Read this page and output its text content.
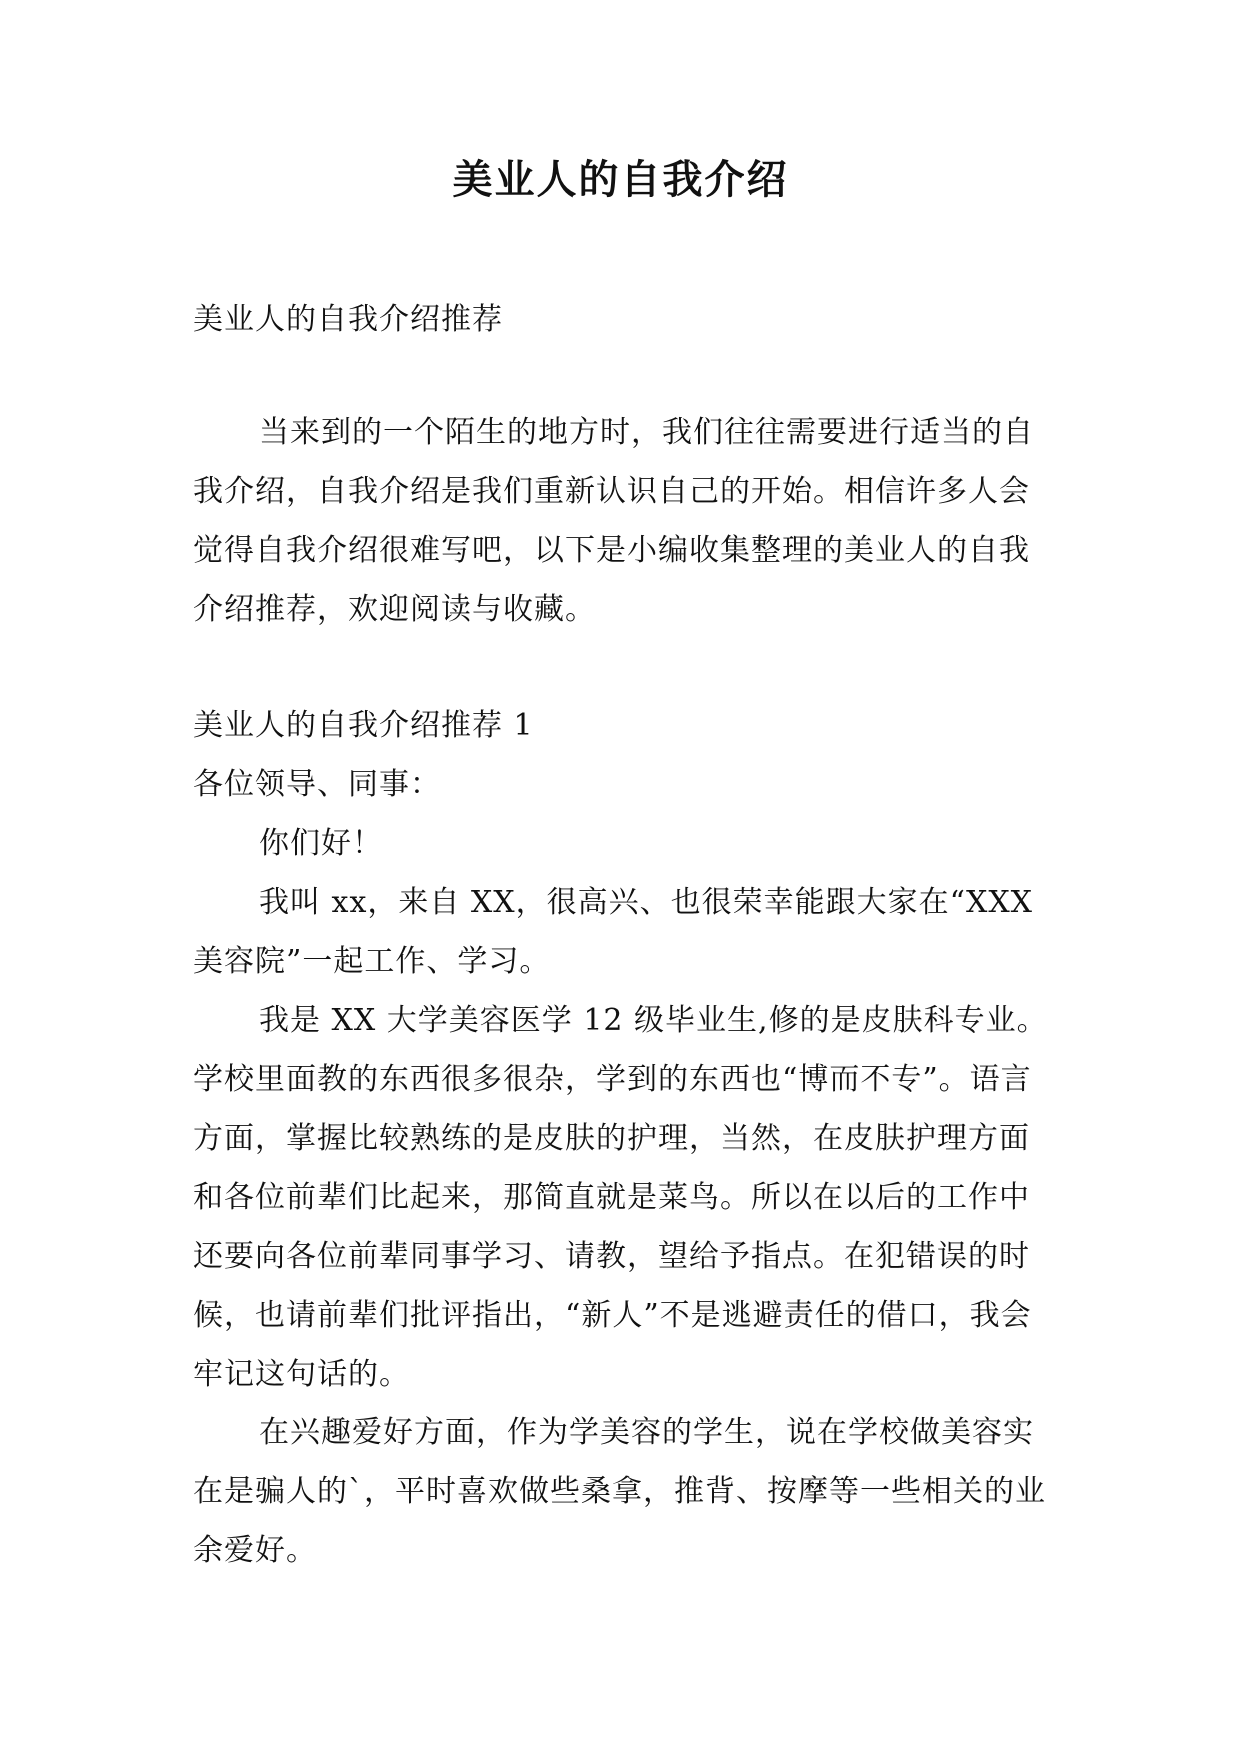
美业人的自我介绍

美业人的自我介绍推荐

当来到的一个陌生的地方时，我们往往需要进行适当的自我介绍，自我介绍是我们重新认识自己的开始。相信许多人会觉得自我介绍很难写吧，以下是小编收集整理的美业人的自我介绍推荐，欢迎阅读与收藏。

美业人的自我介绍推荐 1

各位领导、同事：

你们好！

我叫 xx，来自 XX，很高兴、也很荣幸能跟大家在“XXX 美容院”一起工作、学习。

我是 XX 大学美容医学 12 级毕业生,修的是皮肤科专业。学校里面教的东西很多很杂，学到的东西也“博而不专”。语言方面，掌握比较熟练的是皮肤的护理，当然，在皮肤护理方面和各位前辈们比起来，那简直就是菜鸟。所以在以后的工作中还要向各位前辈同事学习、请教，望给予指点。在犯错误的时候，也请前辈们批评指出，“新人”不是逃避责任的借口，我会牢记这句话的。

在兴趣爱好方面，作为学美容的学生，说在学校做美容实在是骗人的`，平时喜欢做些桑拿，推背、按摩等一些相关的业余爱好。
